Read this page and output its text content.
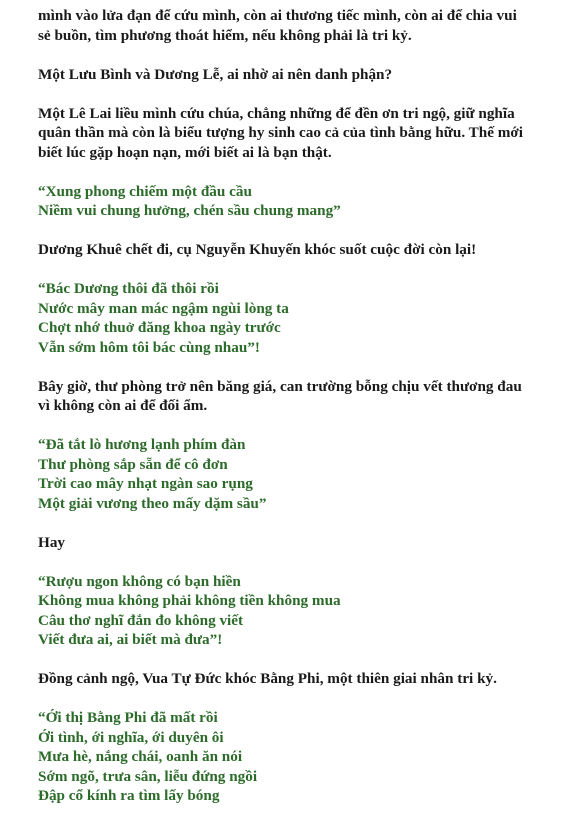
mình vào lửa đạn để cứu mình, còn ai thương tiếc mình, còn ai để chia vui
sẻ buồn, tìm phương thoát hiểm, nếu không phải là tri kỷ.

Một Lưu Bình và Dương Lễ, ai nhờ ai nên danh phận?

Một Lê Lai liều mình cứu chúa, chẳng những để đền ơn tri ngộ, giữ nghĩa
quân thần mà còn là biểu tượng hy sinh cao cả của tình bằng hữu. Thế mới
biết lúc gặp hoạn nạn, mới biết ai là bạn thật.

“Xung phong chiếm một đầu cầu
Niềm vui chung hưởng, chén sầu chung mang”

Dương Khuê chết đi, cụ Nguyễn Khuyến khóc suốt cuộc đời còn lại!

“Bác Dương thôi đã thôi rồi
Nước mây man mác ngậm ngùi lòng ta
Chợt nhớ thuở đăng khoa ngày trước
Vẫn sớm hôm tôi bác cùng nhau”!

Bây giờ, thư phòng trở nên băng giá, can trường bỗng chịu vết thương đau
vì không còn ai để đối ẩm.

“Đã tắt lò hương lạnh phím đàn
Thư phòng sắp sẵn để cô đơn
Trời cao mây nhạt ngàn sao rụng
Một giải vương theo mấy dặm sầu”

Hay

“Rượu ngon không có bạn hiền
Không mua không phải không tiền không mua
Câu thơ nghĩ đắn đo không viết
Viết đưa ai, ai biết mà đưa”!

Đồng cảnh ngộ, Vua Tự Đức khóc Bằng Phi, một thiên giai nhân tri kỷ.

“Ới thị Bằng Phi đã mất rồi
Ới tình, ới nghĩa, ới duyên ôi
Mưa hè, nắng chái, oanh ăn nói
Sớm ngõ, trưa sân, liễu đứng ngồi
Đập cổ kính ra tìm lấy bóng
